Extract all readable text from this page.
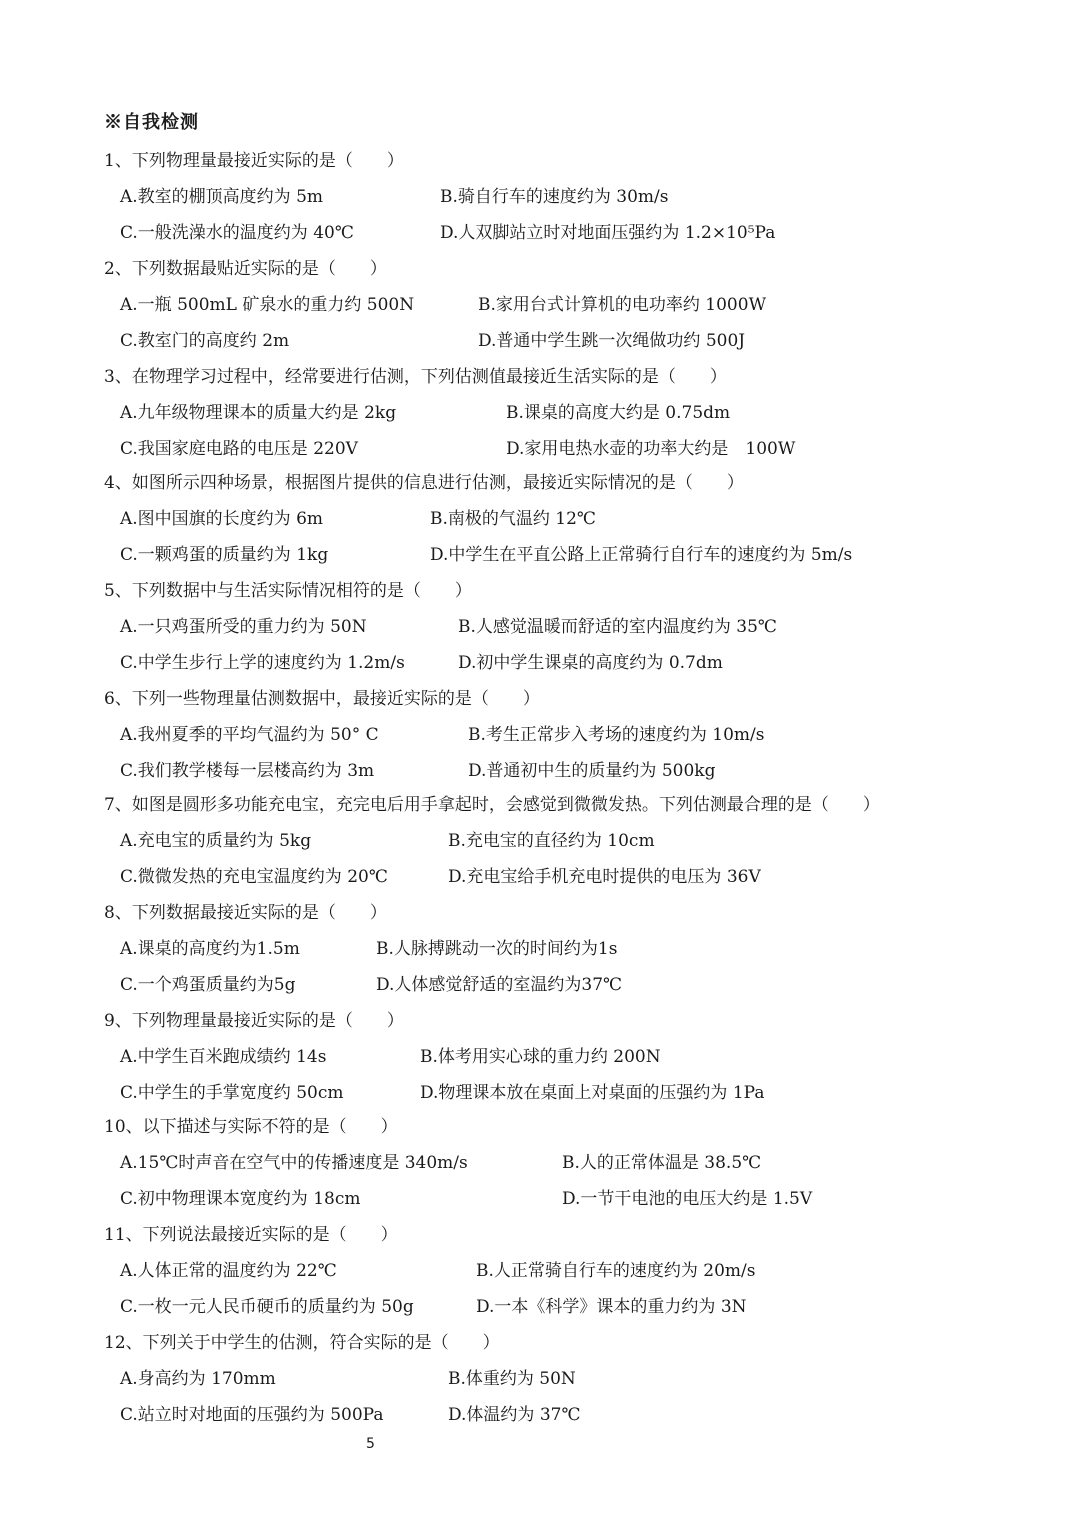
※自我检测
1、下列物理量最接近实际的是（　　）
A.教室的棚顶高度约为 5m	B.骑自行车的速度约为 30m/s
C.一般洗澡水的温度约为 40℃	D.人双脚站立时对地面压强约为 1.2×10⁵Pa
2、下列数据最贴近实际的是（　　）
A.一瓶 500mL 矿泉水的重力约 500N	B.家用台式计算机的电功率约 1000W
C.教室门的高度约 2m	D.普通中学生跳一次绳做功约 500J
3、在物理学习过程中，经常要进行估测，下列估测值最接近生活实际的是（　　）
A.九年级物理课本的质量大约是 2kg	B.课桌的高度大约是 0.75dm
C.我国家庭电路的电压是 220V	D.家用电热水壶的功率大约是　100W
4、如图所示四种场景，根据图片提供的信息进行估测，最接近实际情况的是（　　）
A.图中国旗的长度约为 6m	B.南极的气温约 12℃
C.一颗鸡蛋的质量约为 1kg	D.中学生在平直公路上正常骑行自行车的速度约为 5m/s
5、下列数据中与生活实际情况相符的是（　　）
A.一只鸡蛋所受的重力约为 50N	B.人感觉温暖而舒适的室内温度约为 35℃
C.中学生步行上学的速度约为 1.2m/s	D.初中学生课桌的高度约为 0.7dm
6、下列一些物理量估测数据中，最接近实际的是（　　）
A.我州夏季的平均气温约为 50° C	B.考生正常步入考场的速度约为 10m/s
C.我们教学楼每一层楼高约为 3m	D.普通初中生的质量约为 500kg
7、如图是圆形多功能充电宝，充完电后用手拿起时，会感觉到微微发热。下列估测最合理的是（　　）
A.充电宝的质量约为 5kg	B.充电宝的直径约为 10cm
C.微微发热的充电宝温度约为 20℃	D.充电宝给手机充电时提供的电压为 36V
8、下列数据最接近实际的是（　　）
A.课桌的高度约为1.5m	B.人脉搏跳动一次的时间约为1s
C.一个鸡蛋质量约为5g	D.人体感觉舒适的室温约为37℃
9、下列物理量最接近实际的是（　　）
A.中学生百米跑成绩约 14s	B.体考用实心球的重力约 200N
C.中学生的手掌宽度约 50cm	D.物理课本放在桌面上对桌面的压强约为 1Pa
10、以下描述与实际不符的是（　　）
A.15℃时声音在空气中的传播速度是 340m/s	B.人的正常体温是 38.5℃
C.初中物理课本宽度约为 18cm	D.一节干电池的电压大约是 1.5V
11、下列说法最接近实际的是（　　）
A.人体正常的温度约为 22℃	B.人正常骑自行车的速度约为 20m/s
C.一枚一元人民币硬币的质量约为 50g	D.一本《科学》课本的重力约为 3N
12、下列关于中学生的估测，符合实际的是（　　）
A.身高约为 170mm	B.体重约为 50N
C.站立时对地面的压强约为 500Pa	D.体温约为 37℃
5
